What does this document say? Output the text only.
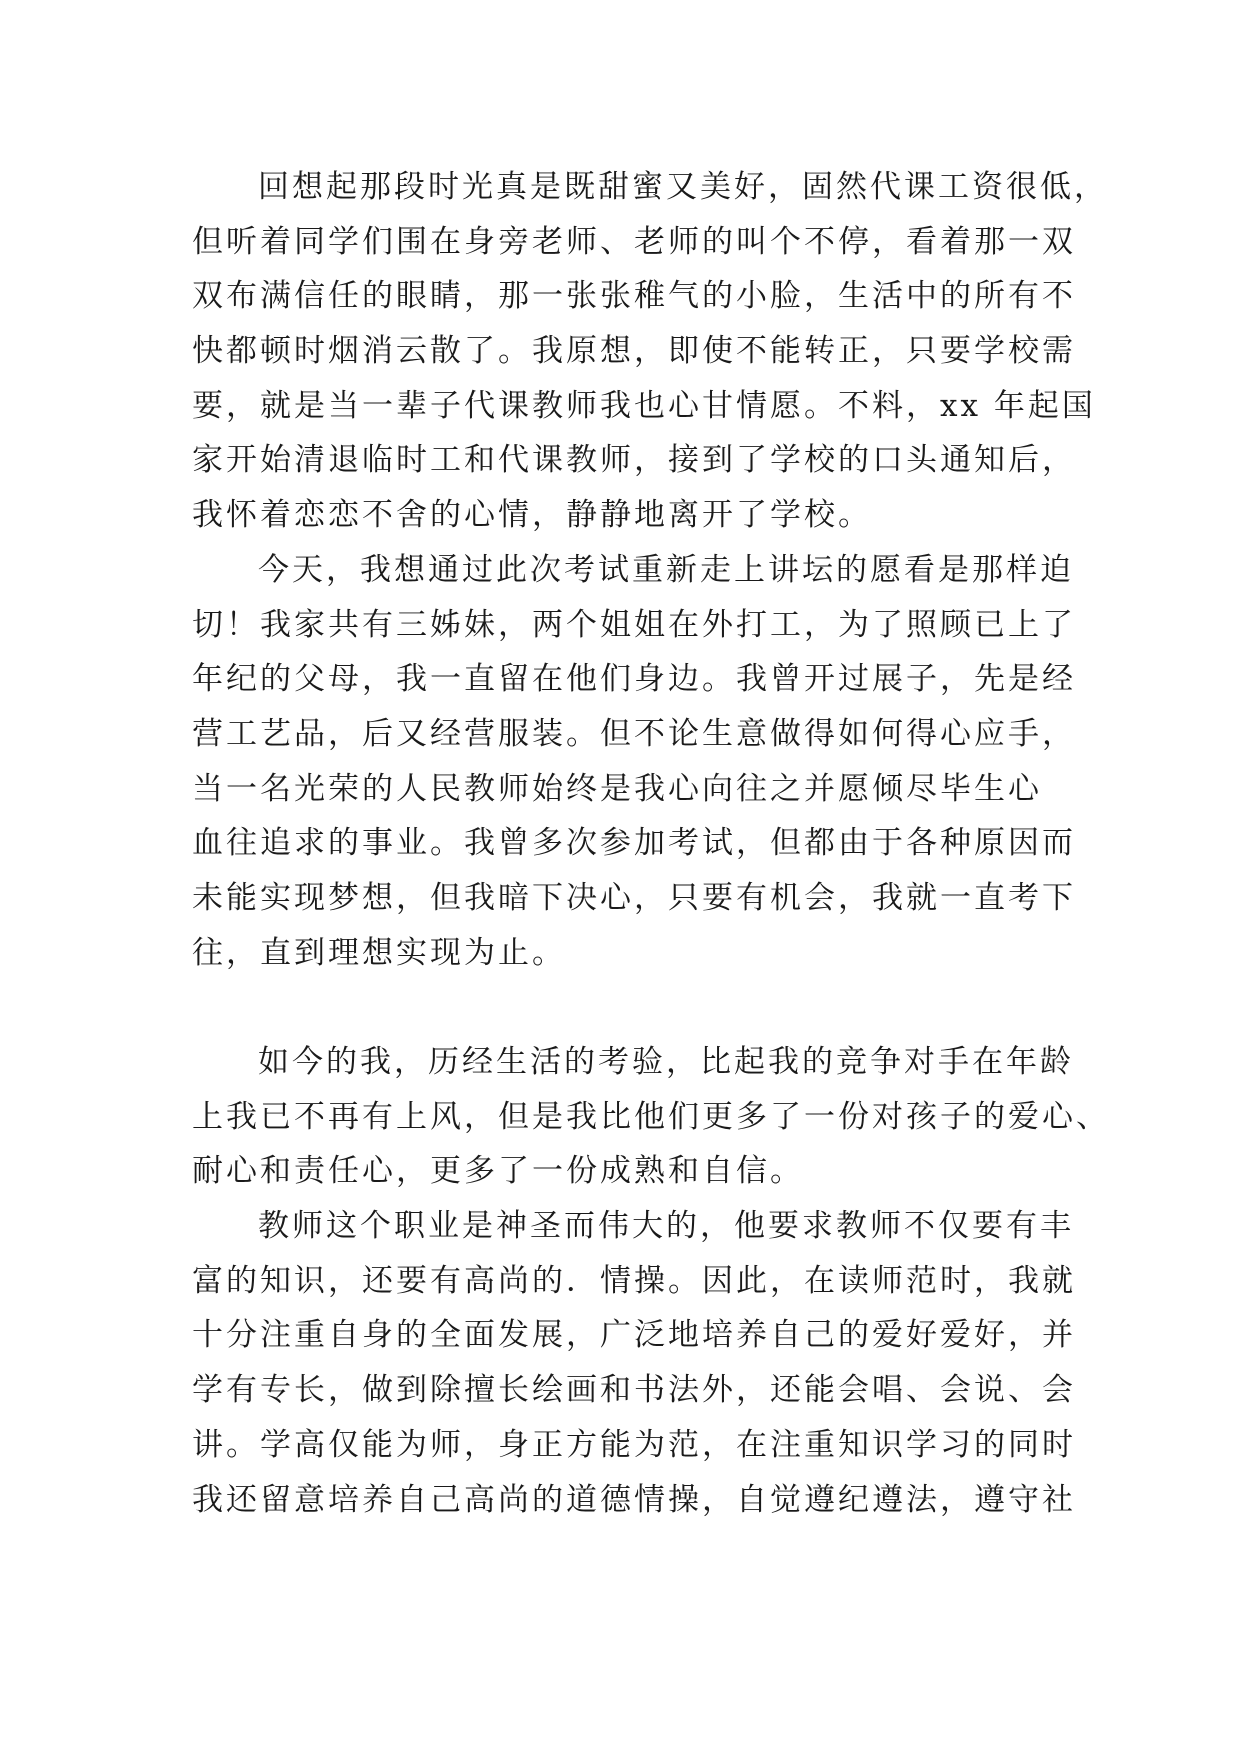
回想起那段时光真是既甜蜜又美好，固然代课工资很低，
但听着同学们围在身旁老师、老师的叫个不停，看着那一双
双布满信任的眼睛，那一张张稚气的小脸，生活中的所有不
快都顿时烟消云散了。我原想，即使不能转正，只要学校需
要，就是当一辈子代课教师我也心甘情愿。不料，xx 年起国
家开始清退临时工和代课教师，接到了学校的口头通知后，
我怀着恋恋不舍的心情，静静地离开了学校。
今天，我想通过此次考试重新走上讲坛的愿看是那样迫
切！我家共有三姊妹，两个姐姐在外打工，为了照顾已上了
年纪的父母，我一直留在他们身边。我曾开过展子，先是经
营工艺品，后又经营服装。但不论生意做得如何得心应手，
当一名光荣的人民教师始终是我心向往之并愿倾尽毕生心
血往追求的事业。我曾多次参加考试，但都由于各种原因而
未能实现梦想，但我暗下决心，只要有机会，我就一直考下
往，直到理想实现为止。
如今的我，历经生活的考验，比起我的竞争对手在年龄
上我已不再有上风，但是我比他们更多了一份对孩子的爱心、
耐心和责任心，更多了一份成熟和自信。
教师这个职业是神圣而伟大的，他要求教师不仅要有丰
富的知识，还要有高尚的．情操。因此，在读师范时，我就
十分注重自身的全面发展，广泛地培养自己的爱好爱好，并
学有专长，做到除擅长绘画和书法外，还能会唱、会说、会
讲。学高仅能为师，身正方能为范，在注重知识学习的同时
我还留意培养自己高尚的道德情操，自觉遵纪遵法，遵守社
